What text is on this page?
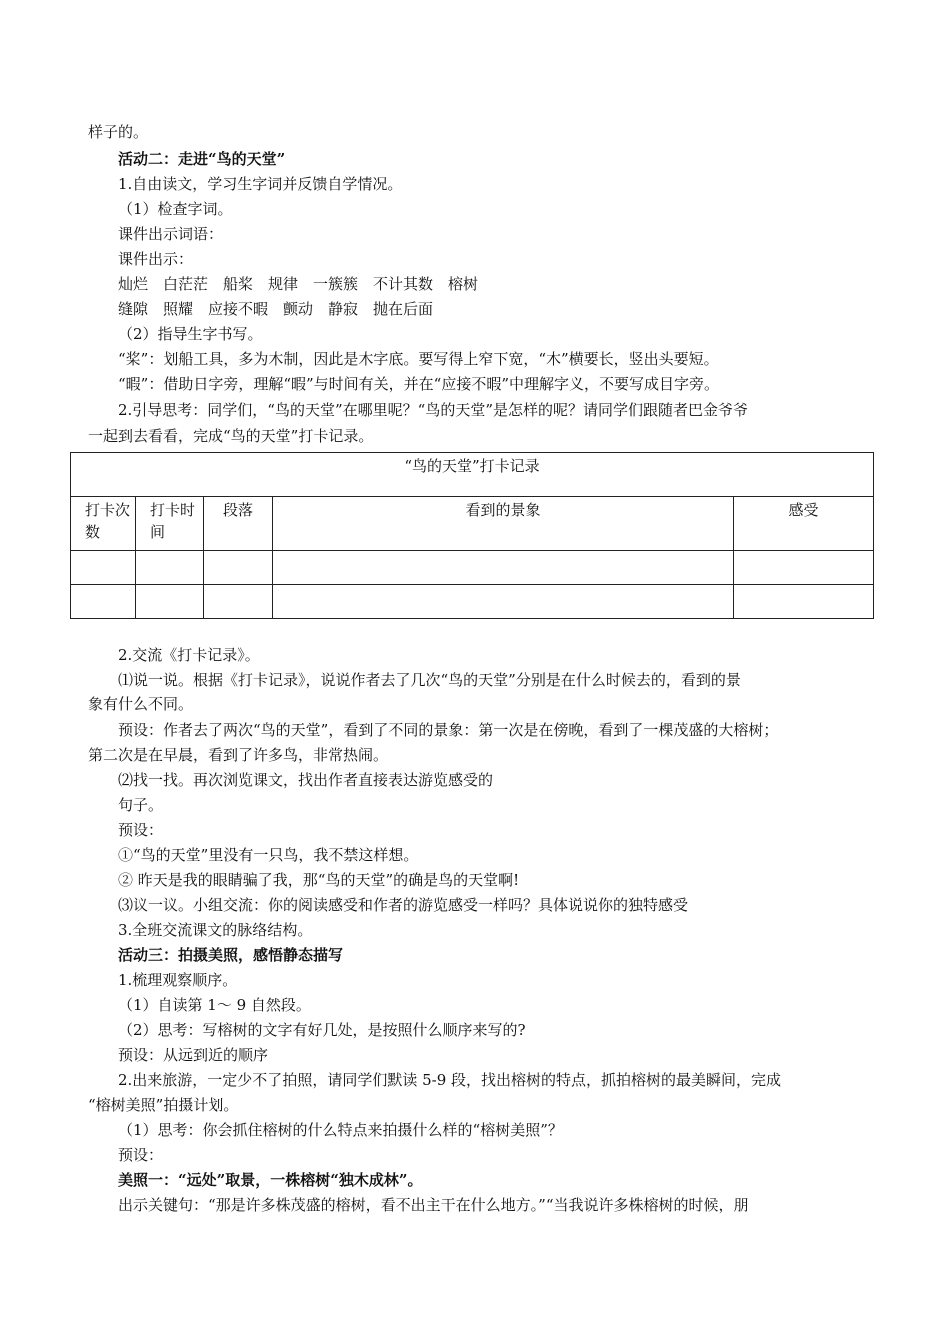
样子的。
活动二：走进“鸟的天堂”
1.自由读文，学习生字词并反馈自学情况。
（1）检查字词。
课件出示词语：
课件出示：
灿烂　白茫茫　船桨　规律　一簇簇　不计其数　榕树
缝隙　照耀　应接不暇　颤动　静寂　抛在后面
（2）指导生字书写。
“桨”：划船工具，多为木制，因此是木字底。要写得上窄下宽，“木”横要长，竖出头要短。
“暇”：借助日字旁，理解“暇”与时间有关，并在“应接不暇”中理解字义，不要写成目字旁。
2.引导思考：同学们，“鸟的天堂”在哪里呢？“鸟的天堂”是怎样的呢？请同学们跟随者巴金爷爷
一起到去看看，完成“鸟的天堂”打卡记录。
“鸟的天堂”打卡记录				
打卡次数	打卡时间	段落	看到的景象	感受

2.交流《打卡记录》。
⑴说一说。根据《打卡记录》，说说作者去了几次“鸟的天堂”分别是在什么时候去的，看到的景
象有什么不同。
预设：作者去了两次“鸟的天堂”，看到了不同的景象：第一次是在傍晚，看到了一棵茂盛的大榕树；
第二次是在早晨，看到了许多鸟，非常热闹。
⑵找一找。再次浏览课文，找出作者直接表达游览感受的
句子。
预设：
①“鸟的天堂”里没有一只鸟，我不禁这样想。
② 昨天是我的眼睛骗了我，那“鸟的天堂”的确是鸟的天堂啊!
⑶议一议。小组交流：你的阅读感受和作者的游览感受一样吗？具体说说你的独特感受
3.全班交流课文的脉络结构。
活动三：拍摄美照，感悟静态描写
1.梳理观察顺序。
（1）自读第 1～ 9 自然段。
（2）思考：写榕树的文字有好几处，是按照什么顺序来写的?
预设：从远到近的顺序
2.出来旅游，一定少不了拍照，请同学们默读 5-9 段，找出榕树的特点，抓拍榕树的最美瞬间，完成
“榕树美照”拍摄计划。
（1）思考：你会抓住榕树的什么特点来拍摄什么样的“榕树美照”？
预设：
美照一：“远处”取景，一株榕树“独木成林”。
出示关键句：“那是许多株茂盛的榕树，看不出主干在什么地方。”“当我说许多株榕树的时候，朋
